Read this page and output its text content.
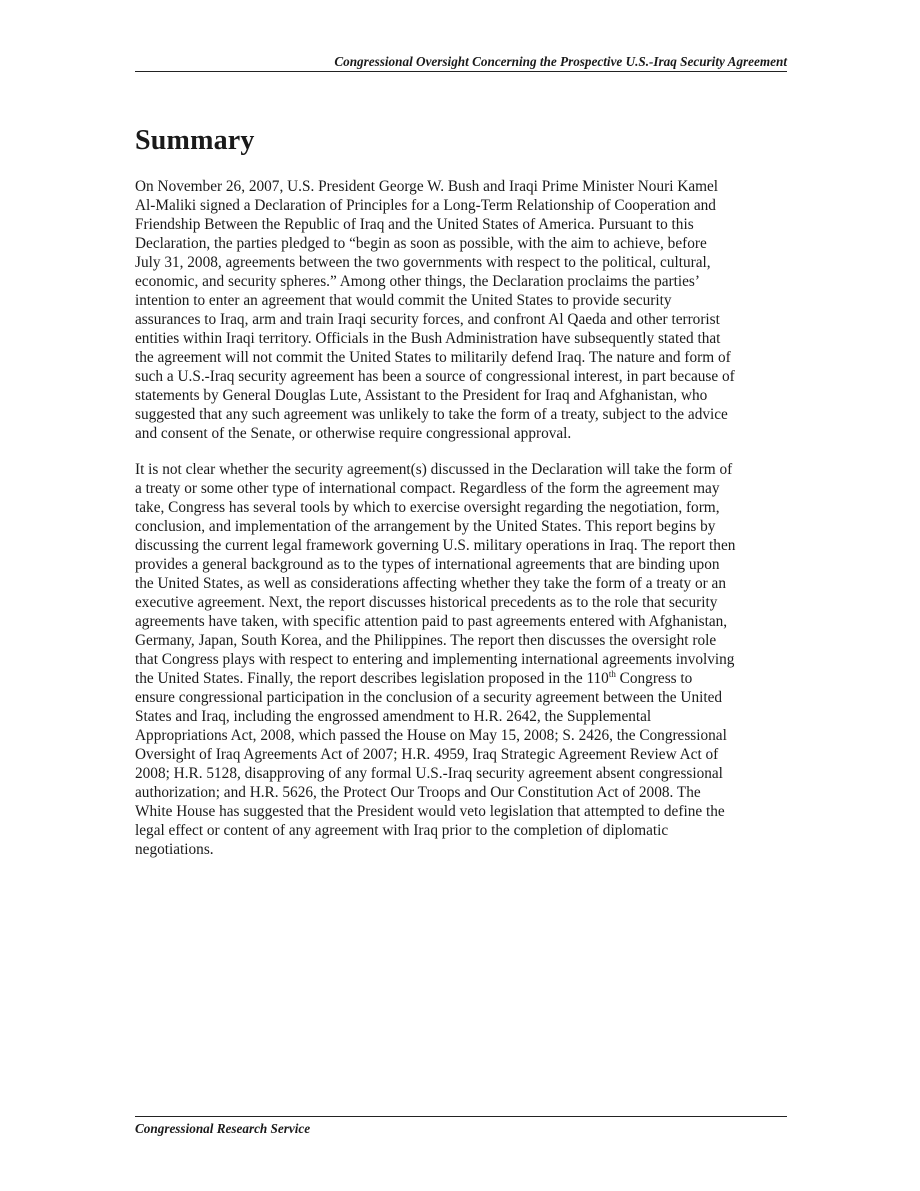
Congressional Oversight Concerning the Prospective U.S.-Iraq Security Agreement
Summary
On November 26, 2007, U.S. President George W. Bush and Iraqi Prime Minister Nouri Kamel
Al-Maliki signed a Declaration of Principles for a Long-Term Relationship of Cooperation and
Friendship Between the Republic of Iraq and the United States of America. Pursuant to this
Declaration, the parties pledged to “begin as soon as possible, with the aim to achieve, before
July 31, 2008, agreements between the two governments with respect to the political, cultural,
economic, and security spheres.” Among other things, the Declaration proclaims the parties’
intention to enter an agreement that would commit the United States to provide security
assurances to Iraq, arm and train Iraqi security forces, and confront Al Qaeda and other terrorist
entities within Iraqi territory. Officials in the Bush Administration have subsequently stated that
the agreement will not commit the United States to militarily defend Iraq. The nature and form of
such a U.S.-Iraq security agreement has been a source of congressional interest, in part because of
statements by General Douglas Lute, Assistant to the President for Iraq and Afghanistan, who
suggested that any such agreement was unlikely to take the form of a treaty, subject to the advice
and consent of the Senate, or otherwise require congressional approval.
It is not clear whether the security agreement(s) discussed in the Declaration will take the form of
a treaty or some other type of international compact. Regardless of the form the agreement may
take, Congress has several tools by which to exercise oversight regarding the negotiation, form,
conclusion, and implementation of the arrangement by the United States. This report begins by
discussing the current legal framework governing U.S. military operations in Iraq. The report then
provides a general background as to the types of international agreements that are binding upon
the United States, as well as considerations affecting whether they take the form of a treaty or an
executive agreement. Next, the report discusses historical precedents as to the role that security
agreements have taken, with specific attention paid to past agreements entered with Afghanistan,
Germany, Japan, South Korea, and the Philippines. The report then discusses the oversight role
that Congress plays with respect to entering and implementing international agreements involving
the United States. Finally, the report describes legislation proposed in the 110th Congress to
ensure congressional participation in the conclusion of a security agreement between the United
States and Iraq, including the engrossed amendment to H.R. 2642, the Supplemental
Appropriations Act, 2008, which passed the House on May 15, 2008; S. 2426, the Congressional
Oversight of Iraq Agreements Act of 2007; H.R. 4959, Iraq Strategic Agreement Review Act of
2008; H.R. 5128, disapproving of any formal U.S.-Iraq security agreement absent congressional
authorization; and H.R. 5626, the Protect Our Troops and Our Constitution Act of 2008. The
White House has suggested that the President would veto legislation that attempted to define the
legal effect or content of any agreement with Iraq prior to the completion of diplomatic
negotiations.
Congressional Research Service
